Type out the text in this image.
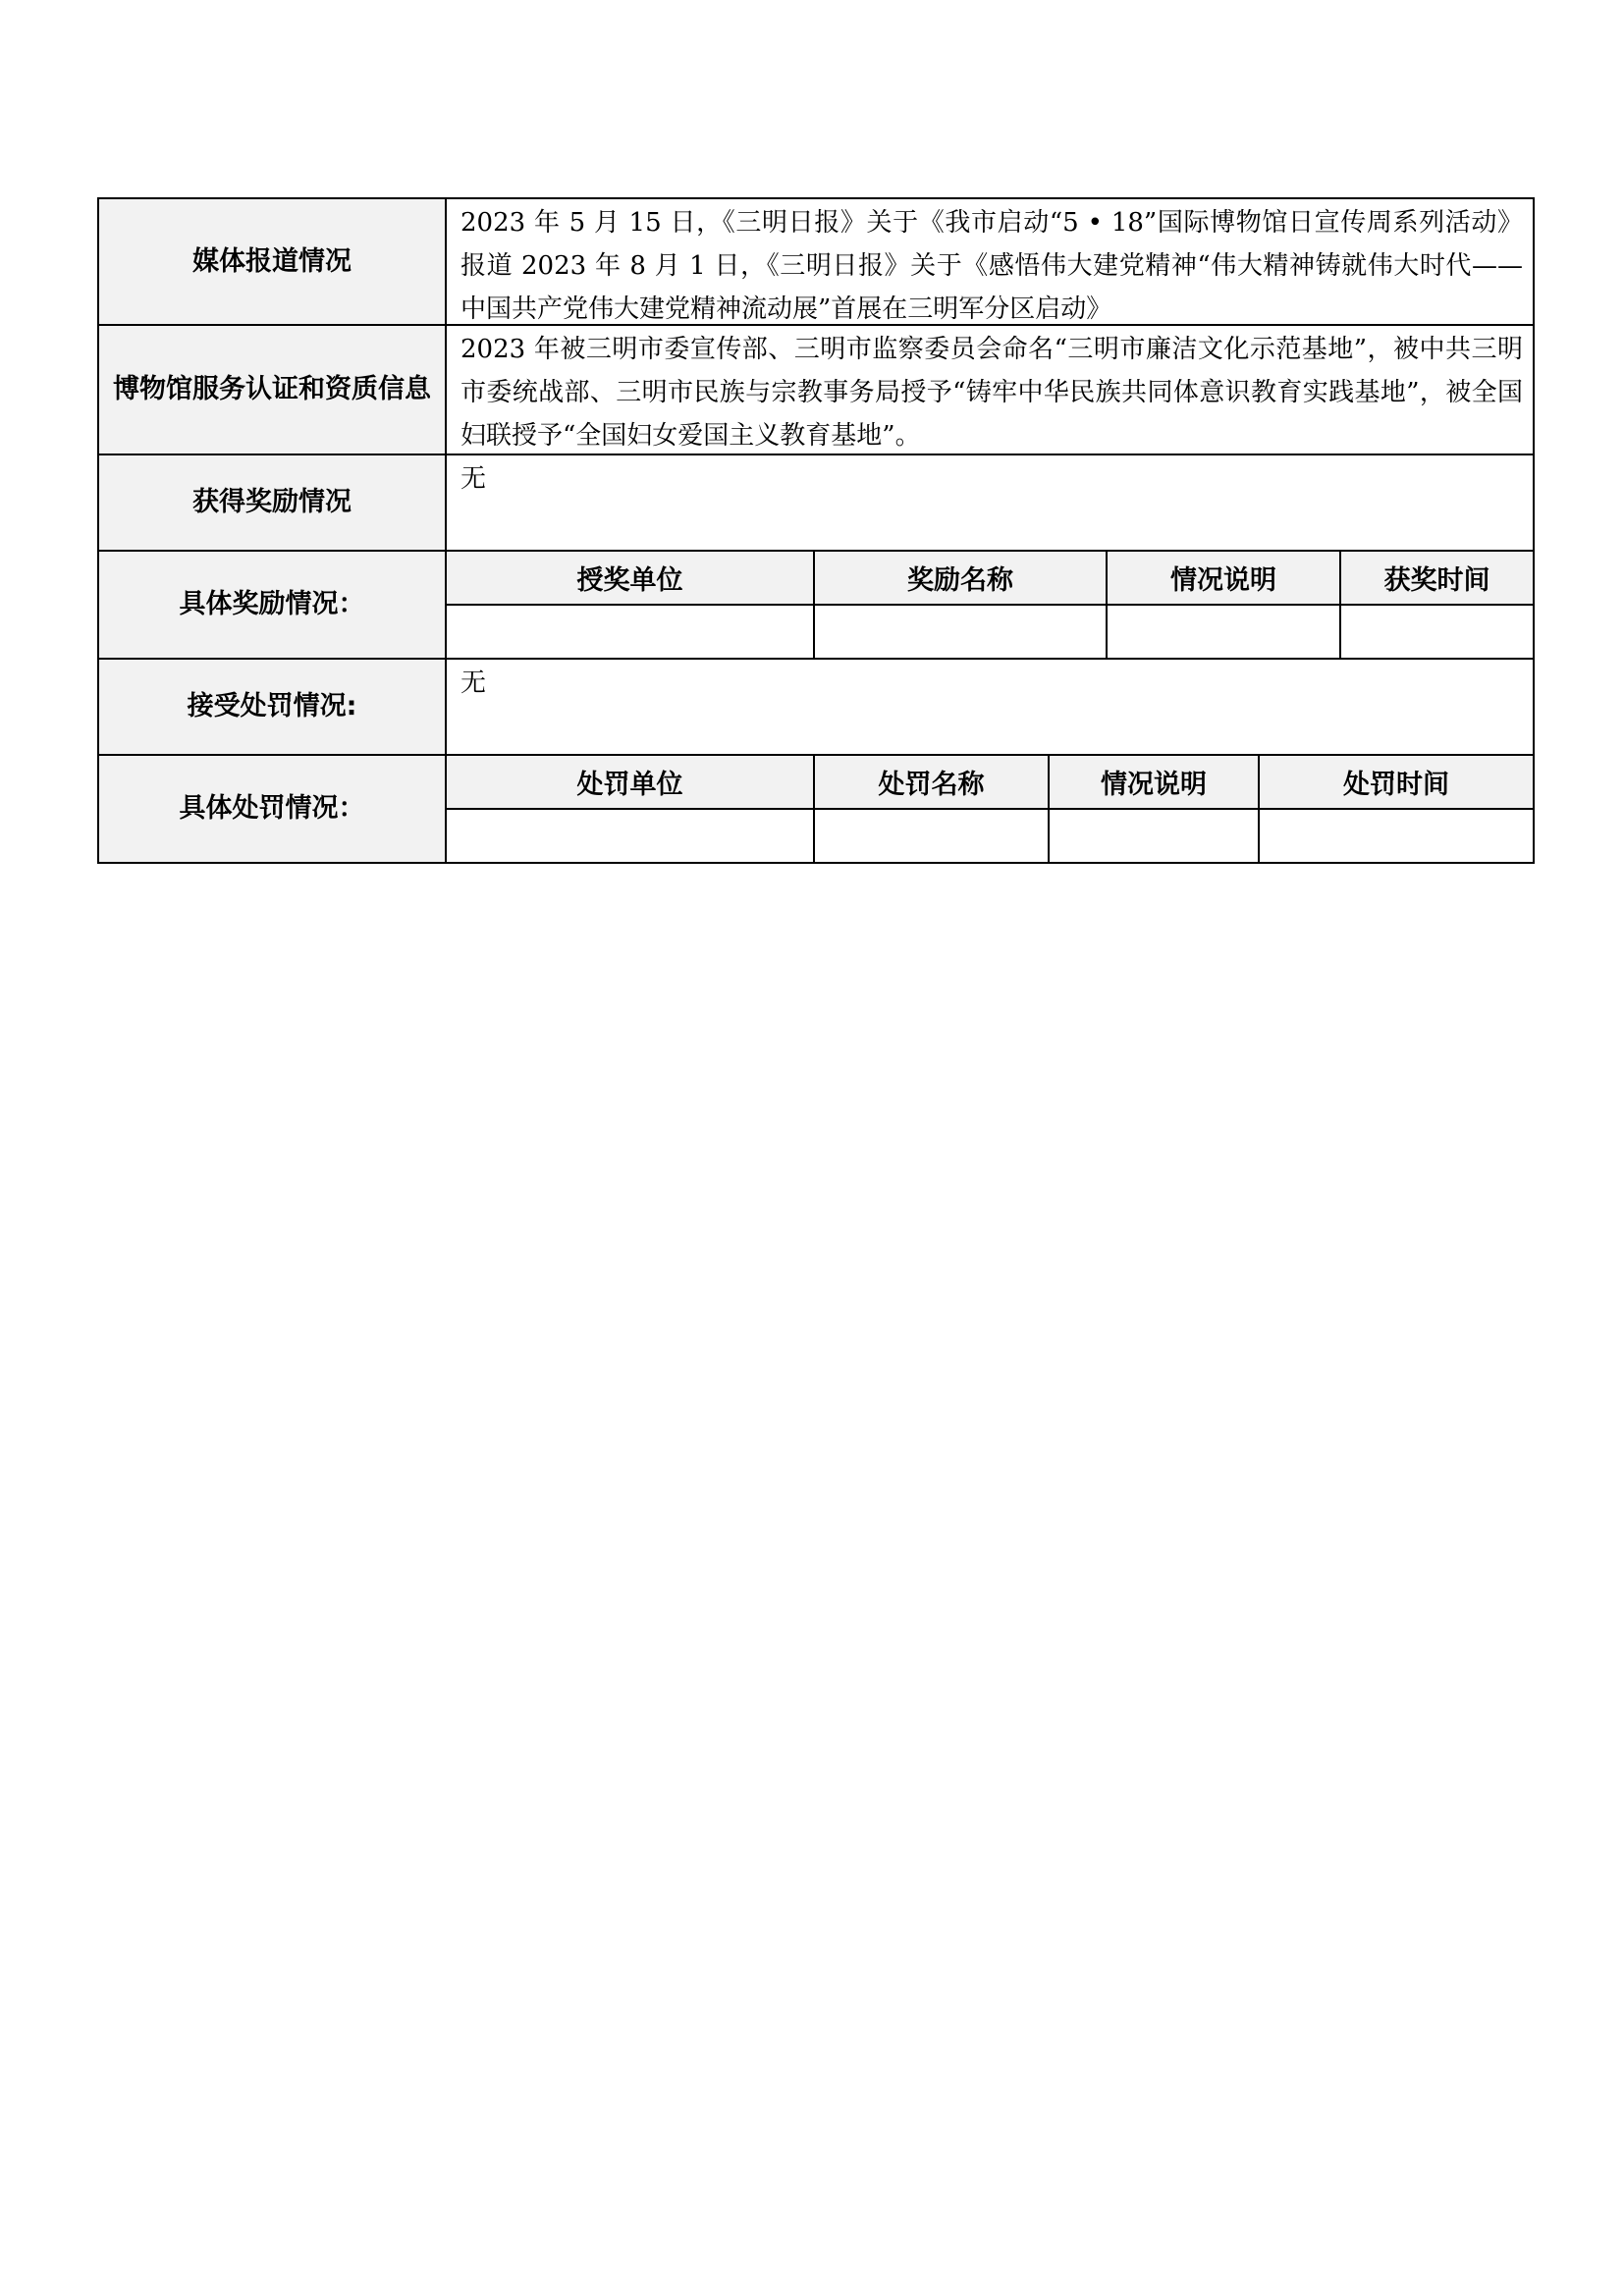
媒体报道情况
2023 年 5 月 15 日，《三明日报》关于《我市启动“5 • 18”国际博物馆日宣传周系列活动》报道 2023 年 8 月 1 日，《三明日报》关于《感悟伟大建党精神“伟大精神铸就伟大时代——中国共产党伟大建党精神流动展”首展在三明军分区启动》
博物馆服务认证和资质信息
2023 年被三明市委宣传部、三明市监察委员会命名“三明市廉洁文化示范基地”，被中共三明市委统战部、三明市民族与宗教事务局授予“铸牢中华民族共同体意识教育实践基地”，被全国妇联授予“全国妇女爱国主义教育基地”。
获得奖励情况
无
具体奖励情况：
授奖单位	奖励名称	情况说明	获奖时间
接受处罚情况:
无
具体处罚情况：
处罚单位	处罚名称	情况说明	处罚时间
